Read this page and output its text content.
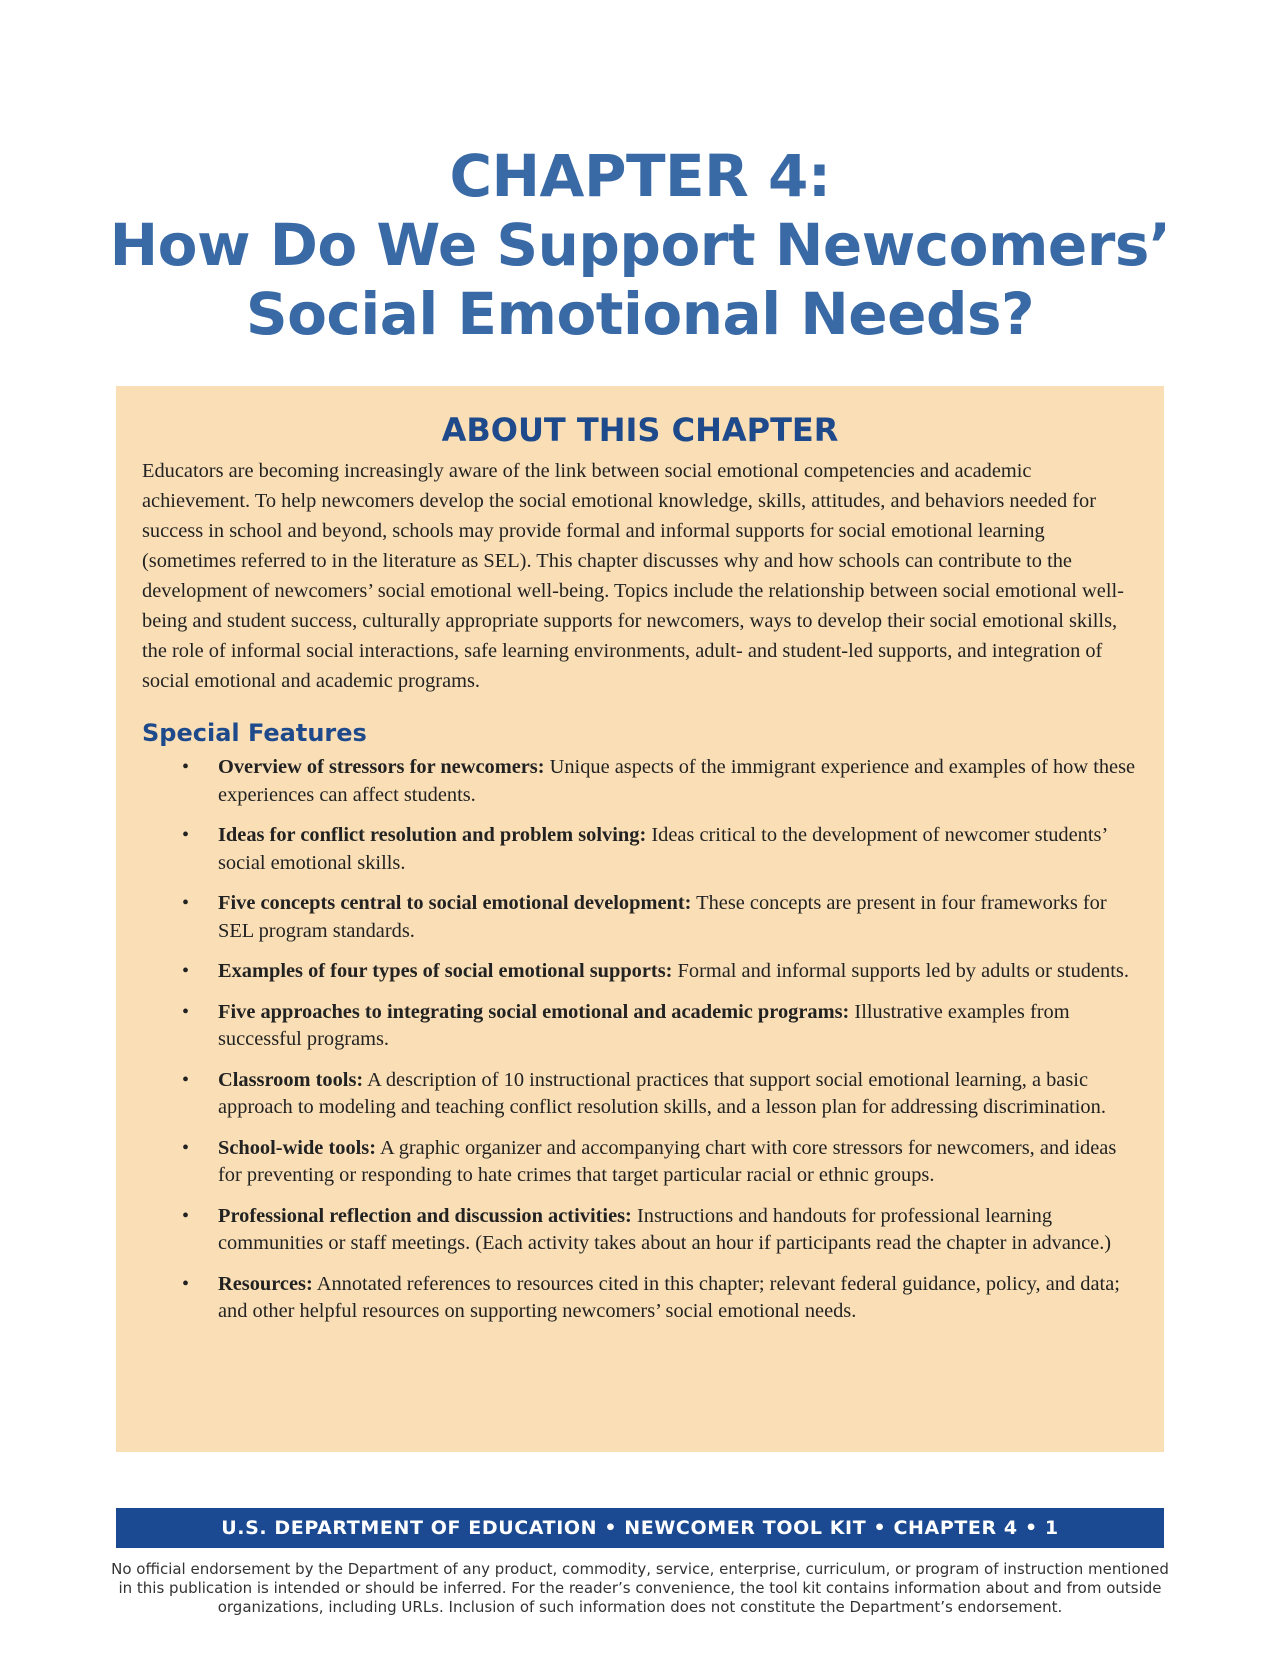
CHAPTER 4:
How Do We Support Newcomers’
Social Emotional Needs?
ABOUT THIS CHAPTER

Educators are becoming increasingly aware of the link between social emotional competencies and academic achievement. To help newcomers develop the social emotional knowledge, skills, attitudes, and behaviors needed for success in school and beyond, schools may provide formal and informal supports for social emotional learning (sometimes referred to in the literature as SEL). This chapter discusses why and how schools can contribute to the development of newcomers’ social emotional well-being. Topics include the relationship between social emotional well-being and student success, culturally appropriate supports for newcomers, ways to develop their social emotional skills, the role of informal social interactions, safe learning environments, adult- and student-led supports, and integration of social emotional and academic programs.

Special Features
• Overview of stressors for newcomers: Unique aspects of the immigrant experience and examples of how these experiences can affect students.
• Ideas for conflict resolution and problem solving: Ideas critical to the development of newcomer students’ social emotional skills.
• Five concepts central to social emotional development: These concepts are present in four frameworks for SEL program standards.
• Examples of four types of social emotional supports: Formal and informal supports led by adults or students.
• Five approaches to integrating social emotional and academic programs: Illustrative examples from successful programs.
• Classroom tools: A description of 10 instructional practices that support social emotional learning, a basic approach to modeling and teaching conflict resolution skills, and a lesson plan for addressing discrimination.
• School-wide tools: A graphic organizer and accompanying chart with core stressors for newcomers, and ideas for preventing or responding to hate crimes that target particular racial or ethnic groups.
• Professional reflection and discussion activities: Instructions and handouts for professional learning communities or staff meetings. (Each activity takes about an hour if participants read the chapter in advance.)
• Resources: Annotated references to resources cited in this chapter; relevant federal guidance, policy, and data; and other helpful resources on supporting newcomers’ social emotional needs.
U.S. DEPARTMENT OF EDUCATION • NEWCOMER TOOL KIT • CHAPTER 4 • 1
No official endorsement by the Department of any product, commodity, service, enterprise, curriculum, or program of instruction mentioned in this publication is intended or should be inferred. For the reader’s convenience, the tool kit contains information about and from outside organizations, including URLs. Inclusion of such information does not constitute the Department’s endorsement.
